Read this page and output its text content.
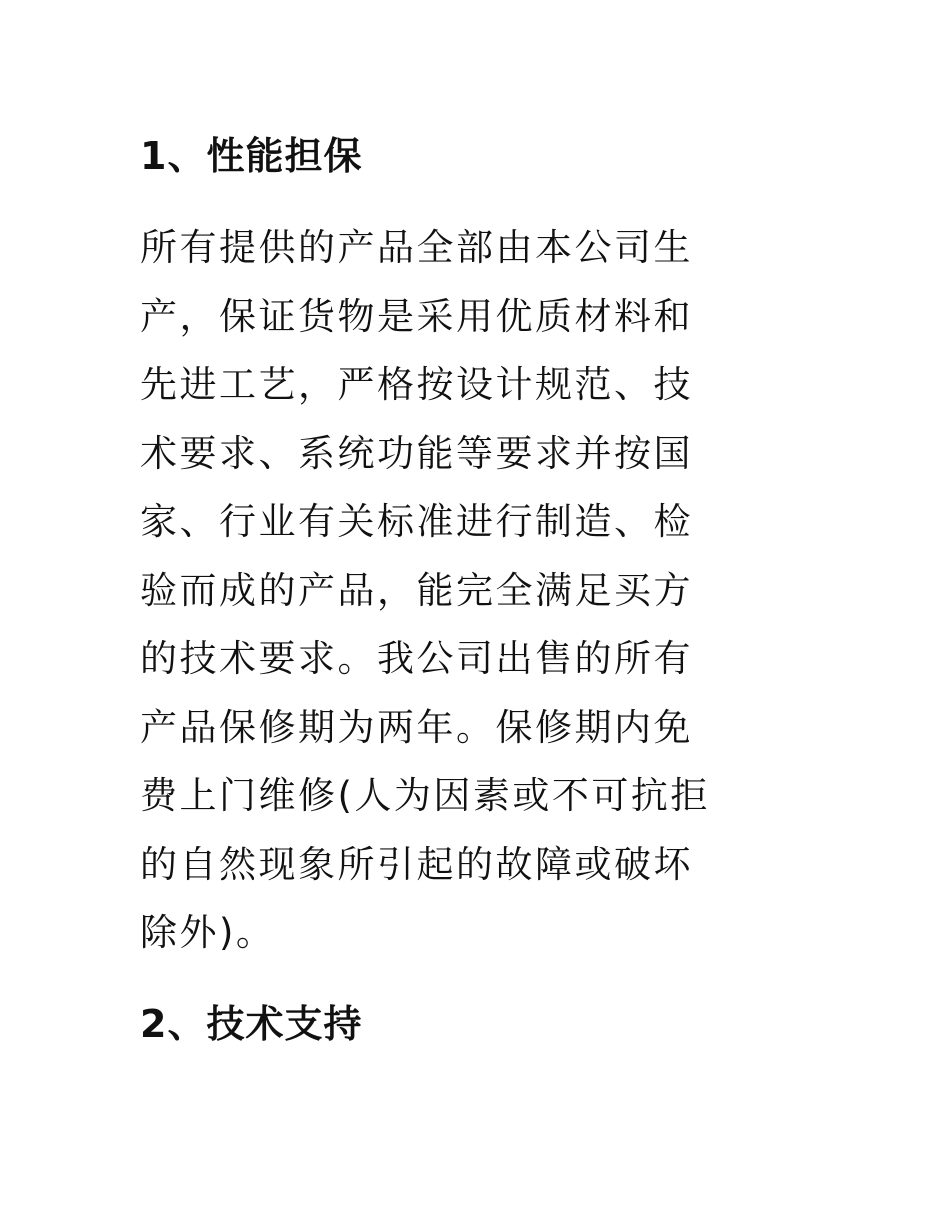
1、性能担保

所有提供的产品全部由本公司生
产，保证货物是采用优质材料和
先进工艺，严格按设计规范、技
术要求、系统功能等要求并按国
家、行业有关标准进行制造、检
验而成的产品，能完全满足买方
的技术要求。我公司出售的所有
产品保修期为两年。保修期内免
费上门维修(人为因素或不可抗拒
的自然现象所引起的故障或破坏
除外)。

2、技术支持
